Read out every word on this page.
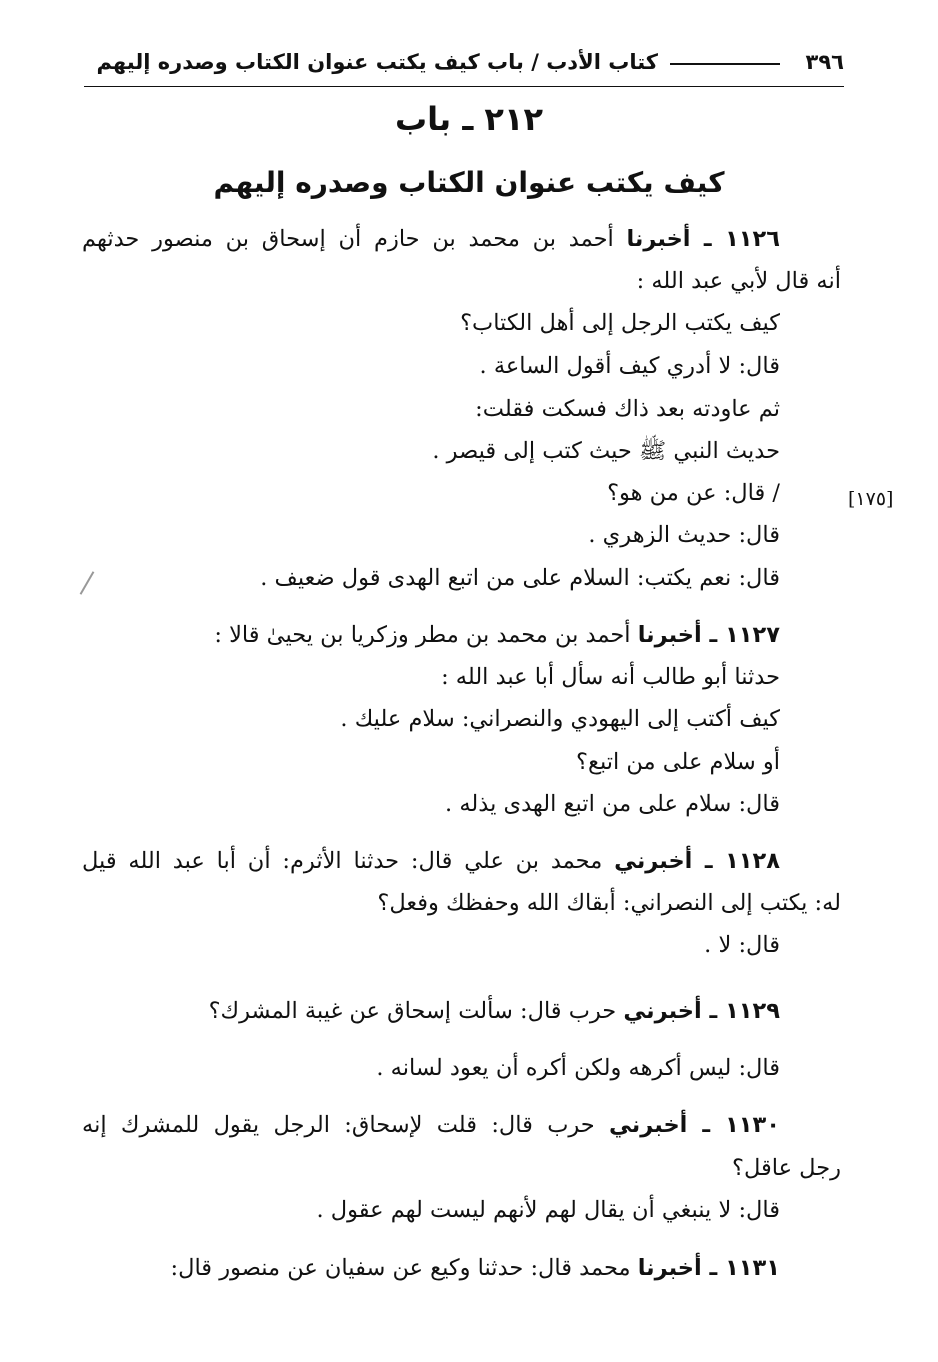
٣٩٦
كتاب الأدب / باب كيف يكتب عنوان الكتاب وصدره إليهم
٢١٢ ـ باب
كيف يكتب عنوان الكتاب وصدره إليهم
[١٧٥]
١١٢٦ ـ أخبرنا أحمد بن محمد بن حازم أن إسحاق بن منصور حدثهم
أنه قال لأبي عبد الله :
كيف يكتب الرجل إلى أهل الكتاب؟
قال: لا أدري كيف أقول الساعة .
ثم عاودته بعد ذاك فسكت فقلت:
حديث النبي ﷺ حيث كتب إلى قيصر .
/ قال: عن من هو؟
قال: حديث الزهري .
قال: نعم يكتب: السلام على من اتبع الهدى قول ضعيف .
١١٢٧ ـ أخبرنا أحمد بن محمد بن مطر وزكريا بن يحيىٰ قالا :
حدثنا أبو طالب أنه سأل أبا عبد الله :
كيف أكتب إلى اليهودي والنصراني: سلام عليك .
أو سلام على من اتبع؟
قال: سلام على من اتبع الهدى يذله .
١١٢٨ ـ أخبرني محمد بن علي قال: حدثنا الأثرم: أن أبا عبد الله قيل
له: يكتب إلى النصراني: أبقاك الله وحفظك وفعل؟
قال: لا .
١١٢٩ ـ أخبرني حرب قال: سألت إسحاق عن غيبة المشرك؟
قال: ليس أكرهه ولكن أكره أن يعود لسانه .
١١٣٠ ـ أخبرني حرب قال: قلت لإسحاق: الرجل يقول للمشرك إنه
رجل عاقل؟
قال: لا ينبغي أن يقال لهم لأنهم ليست لهم عقول .
١١٣١ ـ أخبرنا محمد قال: حدثنا وكيع عن سفيان عن منصور قال:
